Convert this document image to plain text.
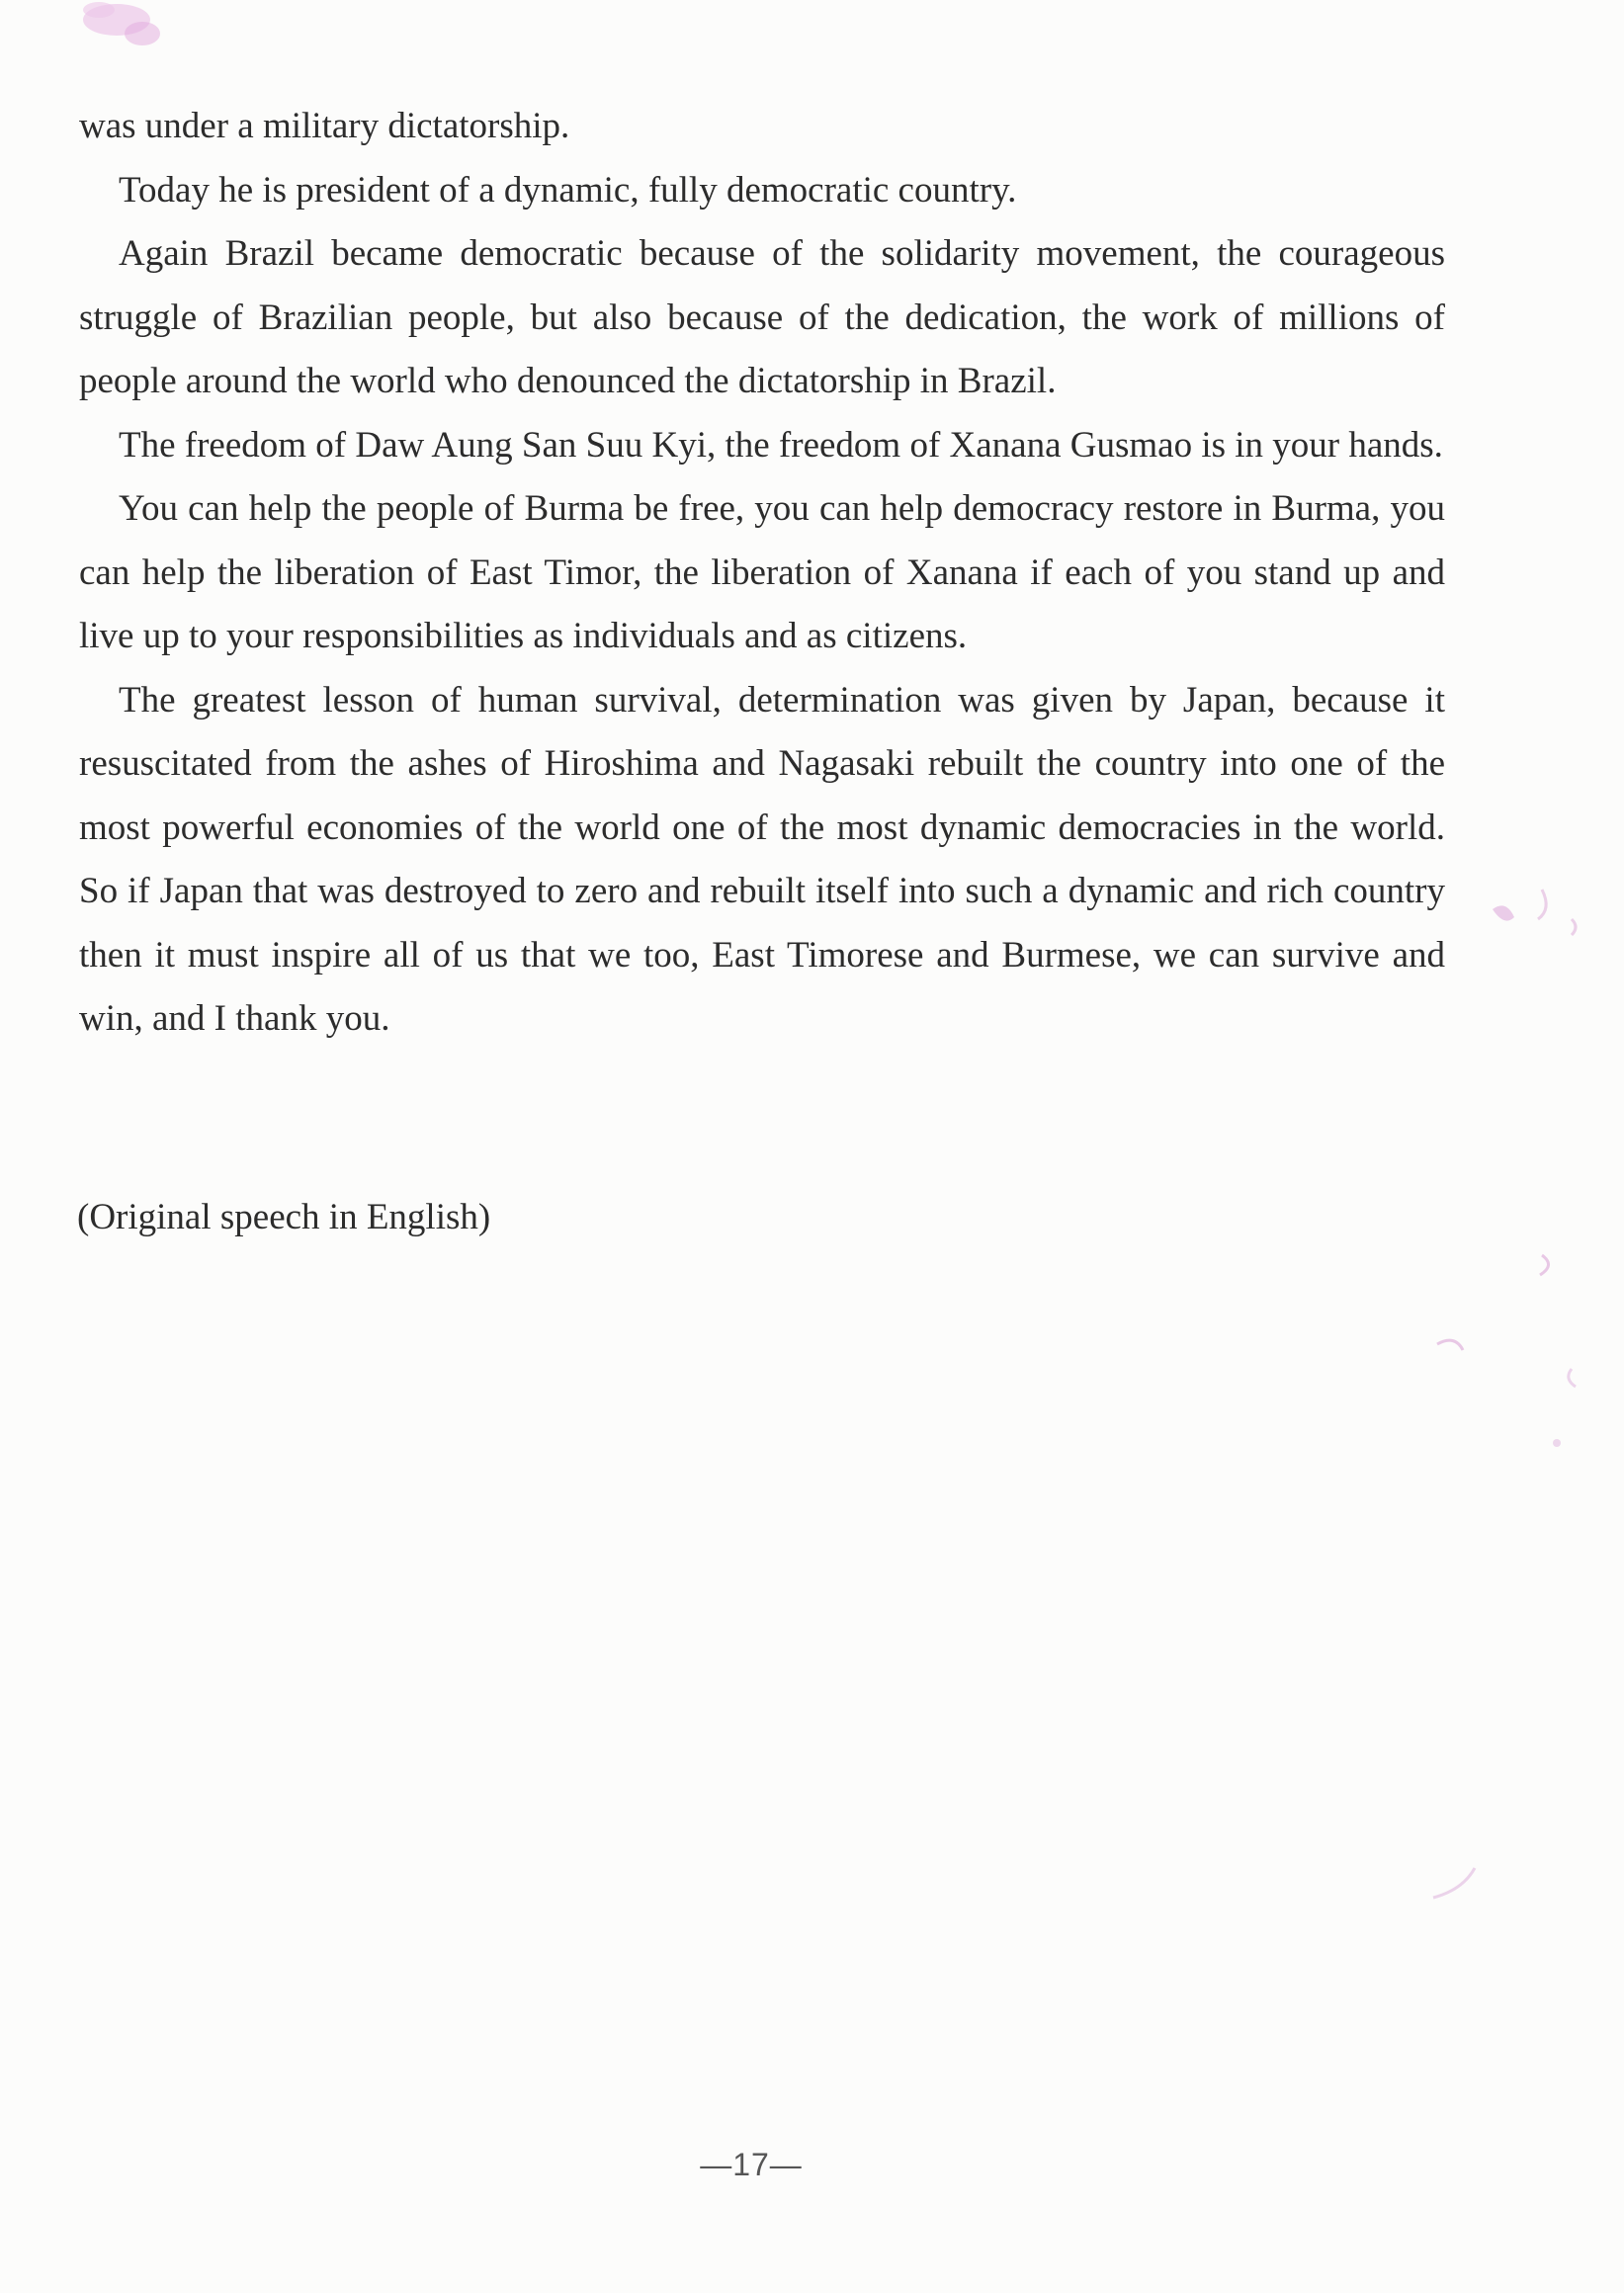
was under a military dictatorship.

Today he is president of a dynamic, fully democratic country.

Again Brazil became democratic because of the solidarity movement, the courageous struggle of Brazilian people, but also because of the dedication, the work of millions of people around the world who denounced the dictatorship in Brazil.

The freedom of Daw Aung San Suu Kyi, the freedom of Xanana Gusmao is in your hands.

You can help the people of Burma be free, you can help democracy restore in Burma, you can help the liberation of East Timor, the liberation of Xanana if each of you stand up and live up to your responsibilities as individuals and as citizens.

The greatest lesson of human survival, determination was given by Japan, because it resuscitated from the ashes of Hiroshima and Nagasaki rebuilt the country into one of the most powerful economies of the world one of the most dynamic democracies in the world. So if Japan that was destroyed to zero and rebuilt itself into such a dynamic and rich country then it must inspire all of us that we too, East Timorese and Burmese, we can survive and win, and I thank you.

(Original speech in English)

—17—
